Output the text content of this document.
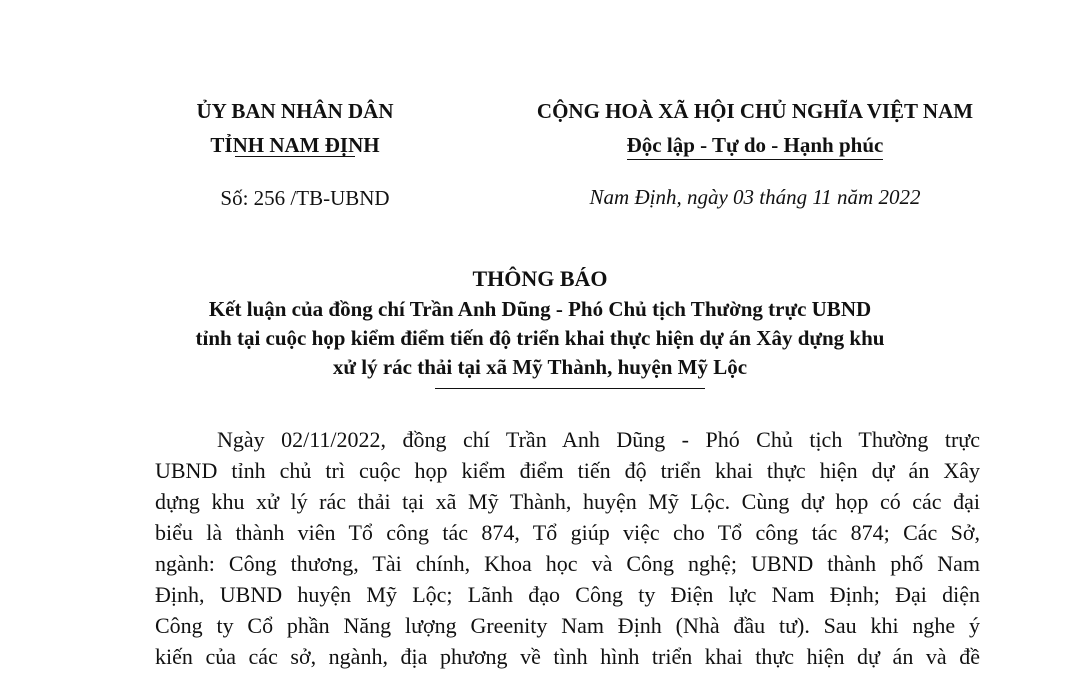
ỦY BAN NHÂN DÂN
TỈNH NAM ĐỊNH
CỘNG HOÀ XÃ HỘI CHỦ NGHĨA VIỆT NAM
Độc lập - Tự do - Hạnh phúc
Số: 256 /TB-UBND	Nam Định, ngày 03 tháng 11 năm 2022
THÔNG BÁO
Kết luận của đồng chí Trần Anh Dũng - Phó Chủ tịch Thường trực UBND
tỉnh tại cuộc họp kiểm điểm tiến độ triển khai thực hiện dự án Xây dựng khu
xử lý rác thải tại xã Mỹ Thành, huyện Mỹ Lộc
Ngày 02/11/2022, đồng chí Trần Anh Dũng - Phó Chủ tịch Thường trực
UBND tỉnh chủ trì cuộc họp kiểm điểm tiến độ triển khai thực hiện dự án Xây
dựng khu xử lý rác thải tại xã Mỹ Thành, huyện Mỹ Lộc. Cùng dự họp có các đại
biểu là thành viên Tổ công tác 874, Tổ giúp việc cho Tổ công tác 874; Các Sở,
ngành: Công thương, Tài chính, Khoa học và Công nghệ; UBND thành phố Nam
Định, UBND huyện Mỹ Lộc; Lãnh đạo Công ty Điện lực Nam Định; Đại diện
Công ty Cổ phần Năng lượng Greenity Nam Định (Nhà đầu tư). Sau khi nghe ý
kiến của các sở, ngành, địa phương về tình hình triển khai thực hiện dự án và đề
